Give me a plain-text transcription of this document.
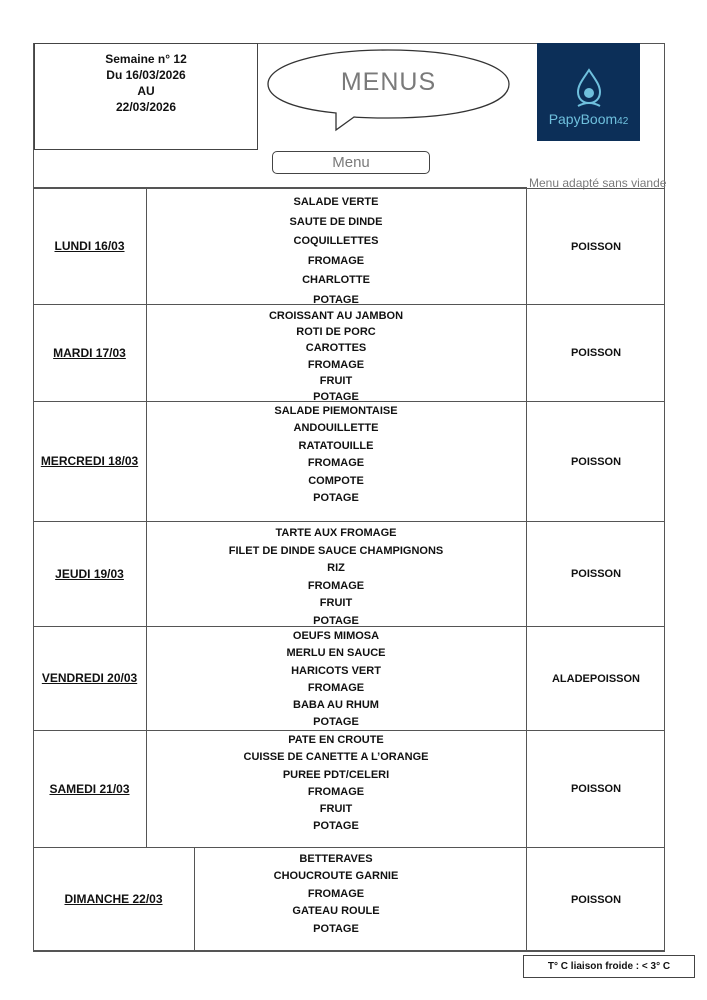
Semaine n° 12
Du 16/03/2026
AU
22/03/2026
MENUS
PapyBoom42
Menu
Menu adapté sans viande
LUNDI 16/03
SALADE VERTE
SAUTE DE DINDE
COQUILLETTES
FROMAGE
CHARLOTTE
POTAGE
POISSON
MARDI 17/03
CROISSANT AU JAMBON
ROTI DE PORC
CAROTTES
FROMAGE
FRUIT
POTAGE
POISSON
MERCREDI 18/03
SALADE PIEMONTAISE
ANDOUILLETTE
RATATOUILLE
FROMAGE
COMPOTE
POTAGE
POISSON
JEUDI 19/03
TARTE AUX FROMAGE
FILET DE DINDE SAUCE CHAMPIGNONS
RIZ
FROMAGE
FRUIT
POTAGE
POISSON
VENDREDI 20/03
OEUFS MIMOSA
MERLU EN SAUCE
HARICOTS VERT
FROMAGE
BABA AU RHUM
POTAGE
ALADEPOISSON
SAMEDI 21/03
PATE EN CROUTE
CUISSE DE CANETTE A L’ORANGE
PUREE PDT/CELERI
FROMAGE
FRUIT
POTAGE
POISSON
DIMANCHE 22/03
BETTERAVES
CHOUCROUTE GARNIE
FROMAGE
GATEAU ROULE
POTAGE
POISSON
T° C liaison froide : < 3° C
